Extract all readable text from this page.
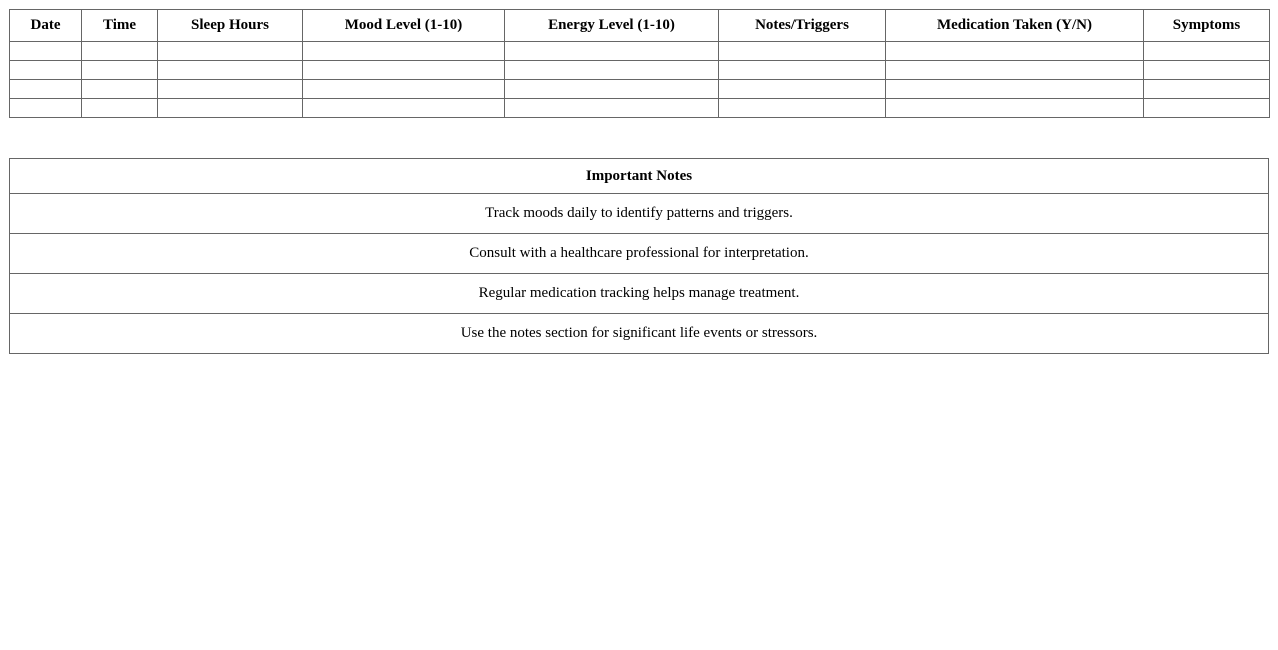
Date	Time	Sleep Hours	Mood Level (1-10)	Energy Level (1-10)	Notes/Triggers	Medication Taken (Y/N)	Symptoms

Important Notes
Track moods daily to identify patterns and triggers.
Consult with a healthcare professional for interpretation.
Regular medication tracking helps manage treatment.
Use the notes section for significant life events or stressors.
